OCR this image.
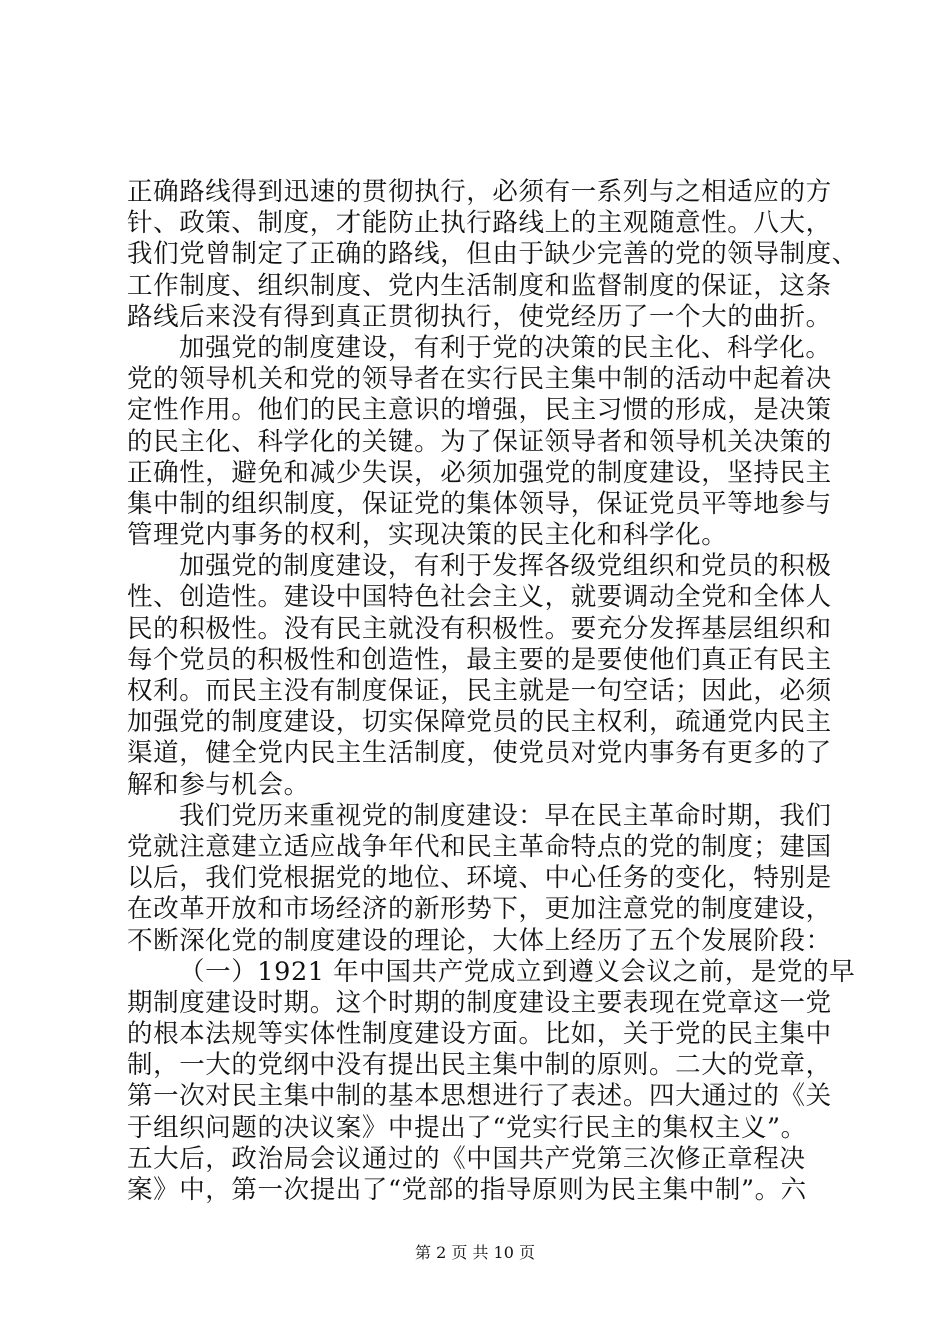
正确路线得到迅速的贯彻执行，必须有一系列与之相适应的方
针、政策、制度，才能防止执行路线上的主观随意性。八大，
我们党曾制定了正确的路线，但由于缺少完善的党的领导制度、
工作制度、组织制度、党内生活制度和监督制度的保证，这条
路线后来没有得到真正贯彻执行，使党经历了一个大的曲折。
加强党的制度建设，有利于党的决策的民主化、科学化。
党的领导机关和党的领导者在实行民主集中制的活动中起着决
定性作用。他们的民主意识的增强，民主习惯的形成，是决策
的民主化、科学化的关键。为了保证领导者和领导机关决策的
正确性，避免和减少失误，必须加强党的制度建设，坚持民主
集中制的组织制度，保证党的集体领导，保证党员平等地参与
管理党内事务的权利，实现决策的民主化和科学化。
加强党的制度建设，有利于发挥各级党组织和党员的积极
性、创造性。建设中国特色社会主义，就要调动全党和全体人
民的积极性。没有民主就没有积极性。要充分发挥基层组织和
每个党员的积极性和创造性，最主要的是要使他们真正有民主
权利。而民主没有制度保证，民主就是一句空话；因此，必须
加强党的制度建设，切实保障党员的民主权利，疏通党内民主
渠道，健全党内民主生活制度，使党员对党内事务有更多的了
解和参与机会。
我们党历来重视党的制度建设：早在民主革命时期，我们
党就注意建立适应战争年代和民主革命特点的党的制度；建国
以后，我们党根据党的地位、环境、中心任务的变化，特别是
在改革开放和市场经济的新形势下，更加注意党的制度建设，
不断深化党的制度建设的理论，大体上经历了五个发展阶段：
（一）1921 年中国共产党成立到遵义会议之前，是党的早
期制度建设时期。这个时期的制度建设主要表现在党章这一党
的根本法规等实体性制度建设方面。比如，关于党的民主集中
制，一大的党纲中没有提出民主集中制的原则。二大的党章，
第一次对民主集中制的基本思想进行了表述。四大通过的《关
于组织问题的决议案》中提出了“党实行民主的集权主义”。
五大后，政治局会议通过的《中国共产党第三次修正章程决
案》中，第一次提出了“党部的指导原则为民主集中制”。六
第 2 页 共 10 页
